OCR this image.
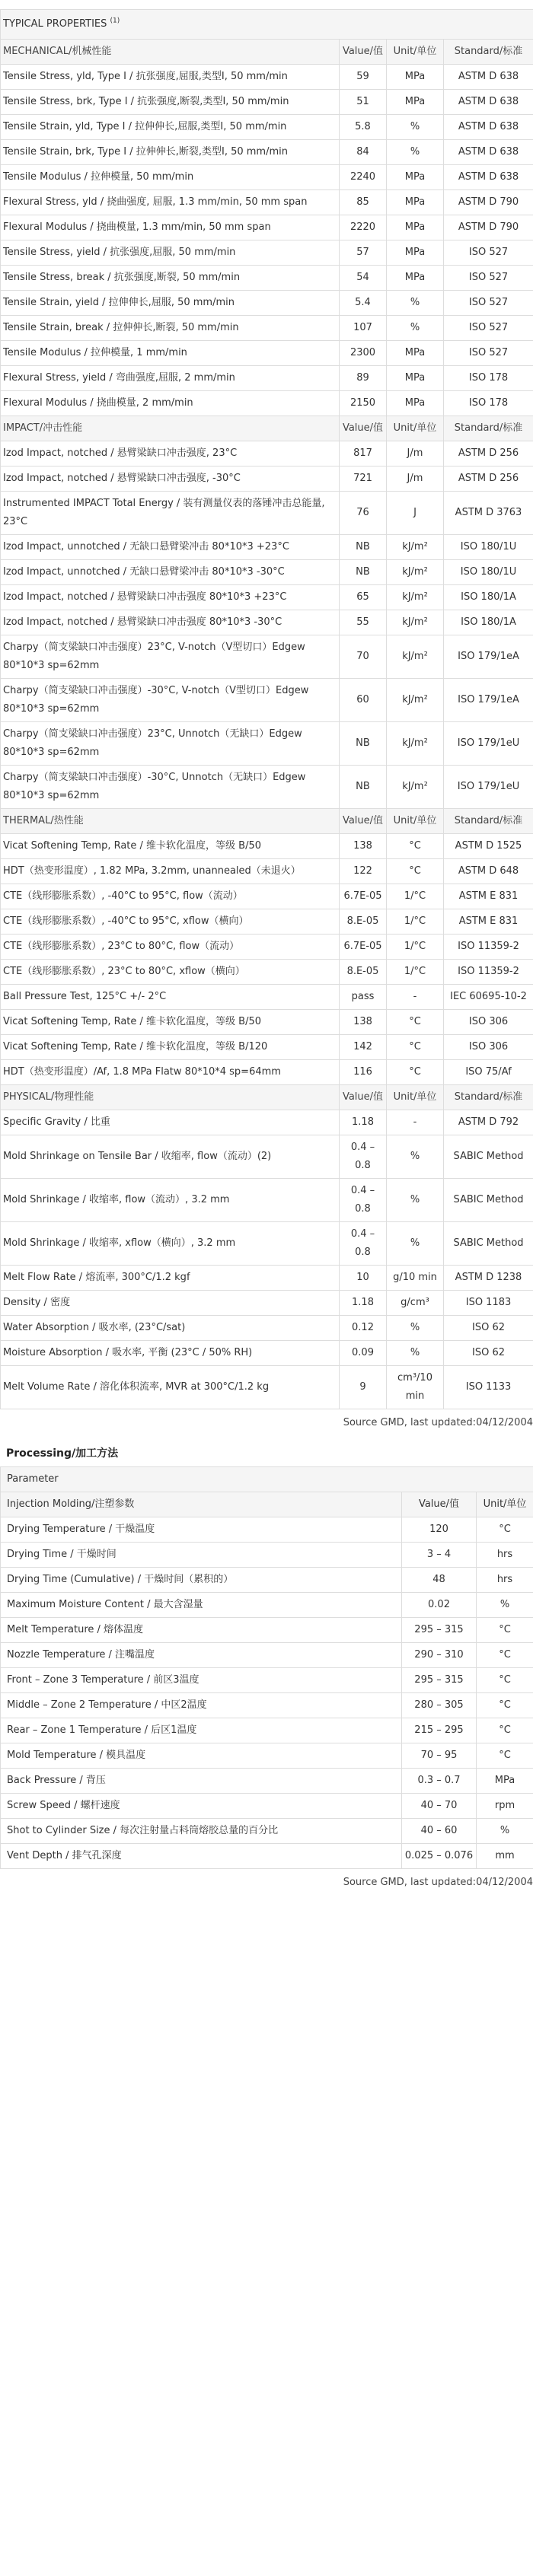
TYPICAL PROPERTIES $^{(1)}$
MECHANICAL/机械性能	Value/值	Unit/单位	Standard/标准
Tensile Stress, yld, Type I / 抗张强度,屈服,类型I, 50 mm/min	59	MPa	ASTM D 638
Tensile Stress, brk, Type I / 抗张强度,断裂,类型I, 50 mm/min	51	MPa	ASTM D 638
Tensile Strain, yld, Type I / 拉伸伸长,屈服,类型I, 50 mm/min	5.8	%	ASTM D 638
Tensile Strain, brk, Type I / 拉伸伸长,断裂,类型I, 50 mm/min	84	%	ASTM D 638
Tensile Modulus / 拉伸模量, 50 mm/min	2240	MPa	ASTM D 638
Flexural Stress, yld / 挠曲强度, 屈服, 1.3 mm/min, 50 mm span	85	MPa	ASTM D 790
Flexural Modulus / 挠曲模量, 1.3 mm/min, 50 mm span	2220	MPa	ASTM D 790
Tensile Stress, yield / 抗张强度,屈服, 50 mm/min	57	MPa	ISO 527
Tensile Stress, break / 抗张强度,断裂, 50 mm/min	54	MPa	ISO 527
Tensile Strain, yield / 拉伸伸长,屈服, 50 mm/min	5.4	%	ISO 527
Tensile Strain, break / 拉伸伸长,断裂, 50 mm/min	107	%	ISO 527
Tensile Modulus / 拉伸模量, 1 mm/min	2300	MPa	ISO 527
Flexural Stress, yield / 弯曲强度,屈服, 2 mm/min	89	MPa	ISO 178
Flexural Modulus / 挠曲模量, 2 mm/min	2150	MPa	ISO 178
IMPACT/冲击性能	Value/值	Unit/单位	Standard/标准
Izod Impact, notched / 悬臂梁缺口冲击强度, 23°C	817	J/m	ASTM D 256
Izod Impact, notched / 悬臂梁缺口冲击强度, -30°C	721	J/m	ASTM D 256
Instrumented IMPACT Total Energy / 装有测量仪表的落锤冲击总能量, 23°C	76	J	ASTM D 3763
Izod Impact, unnotched / 无缺口悬臂梁冲击 80*10*3 +23°C	NB	kJ/m²	ISO 180/1U
Izod Impact, unnotched / 无缺口悬臂梁冲击 80*10*3 -30°C	NB	kJ/m²	ISO 180/1U
Izod Impact, notched / 悬臂梁缺口冲击强度 80*10*3 +23°C	65	kJ/m²	ISO 180/1A
Izod Impact, notched / 悬臂梁缺口冲击强度 80*10*3 -30°C	55	kJ/m²	ISO 180/1A
Charpy（简支梁缺口冲击强度）23°C, V-notch（V型切口）Edgew 80*10*3 sp=62mm	70	kJ/m²	ISO 179/1eA
Charpy（简支梁缺口冲击强度）-30°C, V-notch（V型切口）Edgew 80*10*3 sp=62mm	60	kJ/m²	ISO 179/1eA
Charpy（简支梁缺口冲击强度）23°C, Unnotch（无缺口）Edgew 80*10*3 sp=62mm	NB	kJ/m²	ISO 179/1eU
Charpy（简支梁缺口冲击强度）-30°C, Unnotch（无缺口）Edgew 80*10*3 sp=62mm	NB	kJ/m²	ISO 179/1eU
THERMAL/热性能	Value/值	Unit/单位	Standard/标准
Vicat Softening Temp, Rate / 维卡软化温度，等级 B/50	138	°C	ASTM D 1525
HDT（热变形温度）, 1.82 MPa, 3.2mm, unannealed（未退火）	122	°C	ASTM D 648
CTE（线形膨胀系数）, -40°C to 95°C, flow（流动）	6.7E-05	1/°C	ASTM E 831
CTE（线形膨胀系数）, -40°C to 95°C, xflow（横向）	8.E-05	1/°C	ASTM E 831
CTE（线形膨胀系数）, 23°C to 80°C, flow（流动）	6.7E-05	1/°C	ISO 11359-2
CTE（线形膨胀系数）, 23°C to 80°C, xflow（横向）	8.E-05	1/°C	ISO 11359-2
Ball Pressure Test, 125°C +/- 2°C	pass	-	IEC 60695-10-2
Vicat Softening Temp, Rate / 维卡软化温度，等级 B/50	138	°C	ISO 306
Vicat Softening Temp, Rate / 维卡软化温度，等级 B/120	142	°C	ISO 306
HDT（热变形温度）/Af, 1.8 MPa Flatw 80*10*4 sp=64mm	116	°C	ISO 75/Af
PHYSICAL/物理性能	Value/值	Unit/单位	Standard/标准
Specific Gravity / 比重	1.18	-	ASTM D 792
Mold Shrinkage on Tensile Bar / 收缩率, flow（流动）(2)	0.4 – 0.8	%	SABIC Method
Mold Shrinkage / 收缩率, flow（流动）, 3.2 mm	0.4 – 0.8	%	SABIC Method
Mold Shrinkage / 收缩率, xflow（横向）, 3.2 mm	0.4 – 0.8	%	SABIC Method
Melt Flow Rate / 熔流率, 300°C/1.2 kgf	10	g/10 min	ASTM D 1238
Density / 密度	1.18	g/cm³	ISO 1183
Water Absorption / 吸水率, (23°C/sat)	0.12	%	ISO 62
Moisture Absorption / 吸水率, 平衡 (23°C / 50% RH)	0.09	%	ISO 62
Melt Volume Rate / 溶化体积流率, MVR at 300°C/1.2 kg	9	cm³/10 min	ISO 1133
Source GMD, last updated:04/12/2004
Processing/加工方法
Parameter		
Injection Molding/注塑参数	Value/值	Unit/单位
Drying Temperature / 干燥温度	120	°C
Drying Time / 干燥时间	3 – 4	hrs
Drying Time (Cumulative) / 干燥时间（累积的）	48	hrs
Maximum Moisture Content / 最大含湿量	0.02	%
Melt Temperature / 熔体温度	295 – 315	°C
Nozzle Temperature / 注嘴温度	290 – 310	°C
Front – Zone 3 Temperature / 前区3温度	295 – 315	°C
Middle – Zone 2 Temperature / 中区2温度	280 – 305	°C
Rear – Zone 1 Temperature / 后区1温度	215 – 295	°C
Mold Temperature / 模具温度	70 – 95	°C
Back Pressure / 背压	0.3 – 0.7	MPa
Screw Speed / 螺杆速度	40 – 70	rpm
Shot to Cylinder Size / 每次注射量占料筒熔胶总量的百分比	40 – 60	%
Vent Depth / 排气孔深度	0.025 – 0.076	mm
Source GMD, last updated:04/12/2004
